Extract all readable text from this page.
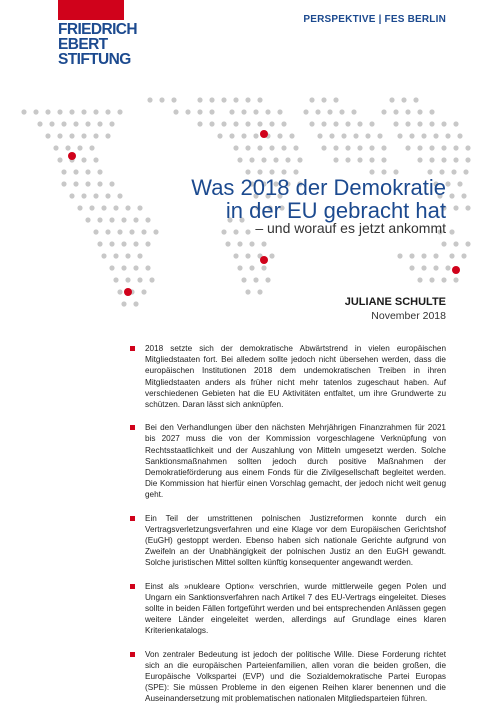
FRIEDRICH
EBERT
STIFTUNG
PERSPEKTIVE | FES BERLIN
Was 2018 der Demokratie
in der EU gebracht hat
– und worauf es jetzt ankommt
JULIANE SCHULTE
November 2018
2018 setzte sich der demokratische Abwärtstrend in vielen europäischen Mitgliedstaaten fort. Bei alledem sollte jedoch nicht übersehen werden, dass die europäischen Institutionen 2018 dem undemokratischen Treiben in ihren Mitgliedstaaten anders als früher nicht mehr tatenlos zugeschaut haben. Auf verschiedenen Gebieten hat die EU Aktivitäten entfaltet, um ihre Grundwerte zu schützen. Daran lässt sich anknüpfen.
Bei den Verhandlungen über den nächsten Mehrjährigen Finanzrahmen für 2021 bis 2027 muss die von der Kommission vorgeschlagene Verknüpfung von Rechtsstaatlichkeit und der Auszahlung von Mitteln umgesetzt werden. Solche Sanktionsmaßnahmen sollten jedoch durch positive Maßnahmen der Demokratieförderung aus einem Fonds für die Zivilgesellschaft begleitet werden. Die Kommission hat hierfür einen Vorschlag gemacht, der jedoch nicht weit genug geht.
Ein Teil der umstrittenen polnischen Justizreformen konnte durch ein Vertragsverletzungsverfahren und eine Klage vor dem Europäischen Gerichtshof (EuGH) gestoppt werden. Ebenso haben sich nationale Gerichte aufgrund von Zweifeln an der Unabhängigkeit der polnischen Justiz an den EuGH gewandt. Solche juristischen Mittel sollten künftig konsequenter angewandt werden.
Einst als »nukleare Option« verschrien, wurde mittlerweile gegen Polen und Ungarn ein Sanktionsverfahren nach Artikel 7 des EU-Vertrags eingeleitet. Dieses sollte in beiden Fällen fortgeführt werden und bei entsprechenden Anlässen gegen weitere Länder eingeleitet werden, allerdings auf Grundlage eines klaren Kriterienkatalogs.
Von zentraler Bedeutung ist jedoch der politische Wille. Diese Forderung richtet sich an die europäischen Parteienfamilien, allen voran die beiden großen, die Europäische Volkspartei (EVP) und die Sozialdemokratische Partei Europas (SPE): Sie müssen Probleme in den eigenen Reihen klarer benennen und die Auseinandersetzung mit problematischen nationalen Mitgliedsparteien führen.
